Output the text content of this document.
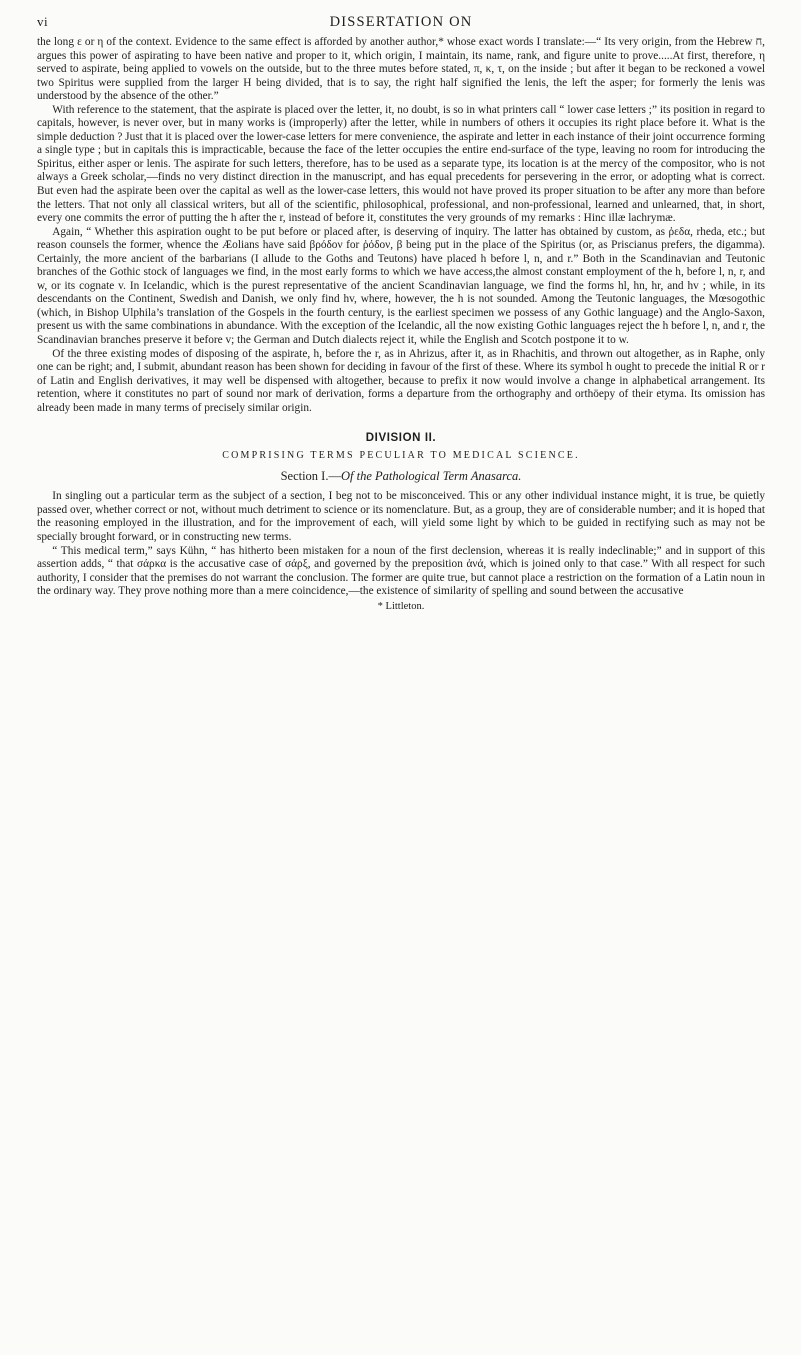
vi	DISSERTATION ON

the long ε or η of the context. Evidence to the same effect is afforded by another author,* whose exact words I translate:—“ Its very origin, from the Hebrew ח, argues this power of aspirating to have been native and proper to it, which origin, I maintain, its name, rank, and figure unite to prove.....At first, therefore, η served to aspirate, being applied to vowels on the outside, but to the three mutes before stated, π, κ, τ, on the inside ; but after it began to be reckoned a vowel two Spiritus were supplied from the larger H being divided, that is to say, the right half signified the lenis, the left the asper; for formerly the lenis was understood by the absence of the other.”

With reference to the statement, that the aspirate is placed over the letter, it, no doubt, is so in what printers call “ lower case letters ;” its position in regard to capitals, however, is never over, but in many works is (improperly) after the letter, while in numbers of others it occupies its right place before it. What is the simple deduction ? Just that it is placed over the lower-case letters for mere convenience, the aspirate and letter in each instance of their joint occurrence forming a single type ; but in capitals this is impracticable, because the face of the letter occupies the entire end-surface of the type, leaving no room for introducing the Spiritus, either asper or lenis. The aspirate for such letters, therefore, has to be used as a separate type, its location is at the mercy of the compositor, who is not always a Greek scholar,—finds no very distinct direction in the manuscript, and has equal precedents for persevering in the error, or adopting what is correct. But even had the aspirate been over the capital as well as the lower-case letters, this would not have proved its proper situation to be after any more than before the letters. That not only all classical writers, but all of the scientific, philosophical, professional, and non-professional, learned and unlearned, that, in short, every one commits the error of putting the h after the r, instead of before it, constitutes the very grounds of my remarks : Hinc illæ lachrymæ.

Again, “ Whether this aspiration ought to be put before or placed after, is deserving of inquiry. The latter has obtained by custom, as ῥεδα, rheda, etc.; but reason counsels the former, whence the Æolians have said βρόδον for ῥόδον, β being put in the place of the Spiritus (or, as Priscianus prefers, the digamma). Certainly, the more ancient of the barbarians (I allude to the Goths and Teutons) have placed h before l, n, and r.” Both in the Scandinavian and Teutonic branches of the Gothic stock of languages we find, in the most early forms to which we have access,the almost constant employment of the h, before l, n, r, and w, or its cognate v. In Icelandic, which is the purest representative of the ancient Scandinavian language, we find the forms hl, hn, hr, and hv ; while, in its descendants on the Continent, Swedish and Danish, we only find hv, where, however, the h is not sounded. Among the Teutonic languages, the Mœsogothic (which, in Bishop Ulphila’s translation of the Gospels in the fourth century, is the earliest specimen we possess of any Gothic language) and the Anglo-Saxon, present us with the same combinations in abundance. With the exception of the Icelandic, all the now existing Gothic languages reject the h before l, n, and r, the Scandinavian branches preserve it before v; the German and Dutch dialects reject it, while the English and Scotch postpone it to w.

Of the three existing modes of disposing of the aspirate, h, before the r, as in Ahrizus, after it, as in Rhachitis, and thrown out altogether, as in Raphe, only one can be right; and, I submit, abundant reason has been shown for deciding in favour of the first of these. Where its symbol h ought to precede the initial R or r of Latin and English derivatives, it may well be dispensed with altogether, because to prefix it now would involve a change in alphabetical arrangement. Its retention, where it constitutes no part of sound nor mark of derivation, forms a departure from the orthography and orthöepy of their etyma. Its omission has already been made in many terms of precisely similar origin.

DIVISION II.
COMPRISING TERMS PECULIAR TO MEDICAL SCIENCE.
Section I.—Of the Pathological Term Anasarca.

In singling out a particular term as the subject of a section, I beg not to be misconceived. This or any other individual instance might, it is true, be quietly passed over, whether correct or not, without much detriment to science or its nomenclature. But, as a group, they are of considerable number; and it is hoped that the reasoning employed in the illustration, and for the improvement of each, will yield some light by which to be guided in rectifying such as may not be specially brought forward, or in constructing new terms.

“ This medical term,” says Kühn, “ has hitherto been mistaken for a noun of the first declension, whereas it is really indeclinable;” and in support of this assertion adds, “ that σάρκα is the accusative case of σάρξ, and governed by the preposition ἀνά, which is joined only to that case.” With all respect for such authority, I consider that the premises do not warrant the conclusion. The former are quite true, but cannot place a restriction on the formation of a Latin noun in the ordinary way. They prove nothing more than a mere coincidence,—the existence of similarity of spelling and sound between the accusative

* Littleton.
